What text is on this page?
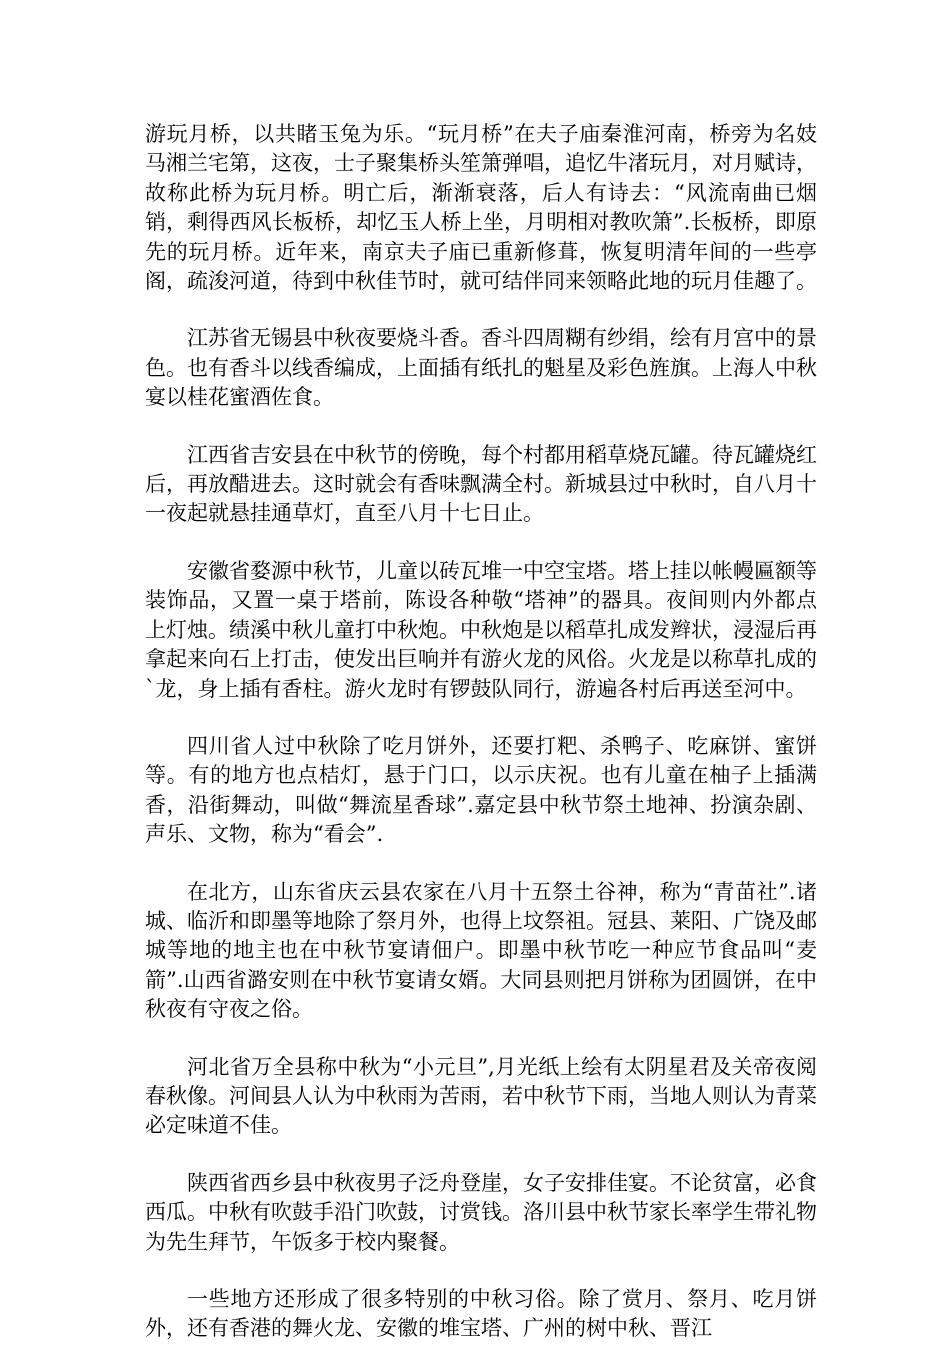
游玩月桥，以共睹玉兔为乐。“玩月桥”在夫子庙秦淮河南，桥旁为名妓马湘兰宅第，这夜，士子聚集桥头笙箫弹唱，追忆牛渚玩月，对月赋诗，故称此桥为玩月桥。明亡后，渐渐衰落，后人有诗去：“风流南曲已烟销，剩得西风长板桥，却忆玉人桥上坐，月明相对教吹箫”.长板桥，即原先的玩月桥。近年来，南京夫子庙已重新修葺，恢复明清年间的一些亭阁，疏浚河道，待到中秋佳节时，就可结伴同来领略此地的玩月佳趣了。

江苏省无锡县中秋夜要烧斗香。香斗四周糊有纱绢，绘有月宫中的景色。也有香斗以线香编成，上面插有纸扎的魁星及彩色旌旗。上海人中秋宴以桂花蜜酒佐食。

江西省吉安县在中秋节的傍晚，每个村都用稻草烧瓦罐。待瓦罐烧红后，再放醋进去。这时就会有香味飘满全村。新城县过中秋时，自八月十一夜起就悬挂通草灯，直至八月十七日止。

安徽省婺源中秋节，儿童以砖瓦堆一中空宝塔。塔上挂以帐幔匾额等装饰品，又置一桌于塔前，陈设各种敬“塔神”的器具。夜间则内外都点上灯烛。绩溪中秋儿童打中秋炮。中秋炮是以稻草扎成发辫状，浸湿后再拿起来向石上打击，使发出巨响并有游火龙的风俗。火龙是以称草扎成的`龙，身上插有香柱。游火龙时有锣鼓队同行，游遍各村后再送至河中。

四川省人过中秋除了吃月饼外，还要打粑、杀鸭子、吃麻饼、蜜饼等。有的地方也点桔灯，悬于门口，以示庆祝。也有儿童在柚子上插满香，沿街舞动，叫做“舞流星香球”.嘉定县中秋节祭土地神、扮演杂剧、声乐、文物，称为“看会”.

在北方，山东省庆云县农家在八月十五祭土谷神，称为“青苗社”.诸城、临沂和即墨等地除了祭月外，也得上坟祭祖。冠县、莱阳、广饶及邮城等地的地主也在中秋节宴请佃户。即墨中秋节吃一种应节食品叫“麦箭”.山西省潞安则在中秋节宴请女婿。大同县则把月饼称为团圆饼，在中秋夜有守夜之俗。

河北省万全县称中秋为“小元旦”,月光纸上绘有太阴星君及关帝夜阅春秋像。河间县人认为中秋雨为苦雨，若中秋节下雨，当地人则认为青菜必定味道不佳。

陕西省西乡县中秋夜男子泛舟登崖，女子安排佳宴。不论贫富，必食西瓜。中秋有吹鼓手沿门吹鼓，讨赏钱。洛川县中秋节家长率学生带礼物为先生拜节，午饭多于校内聚餐。

一些地方还形成了很多特别的中秋习俗。除了赏月、祭月、吃月饼外，还有香港的舞火龙、安徽的堆宝塔、广州的树中秋、晋江
